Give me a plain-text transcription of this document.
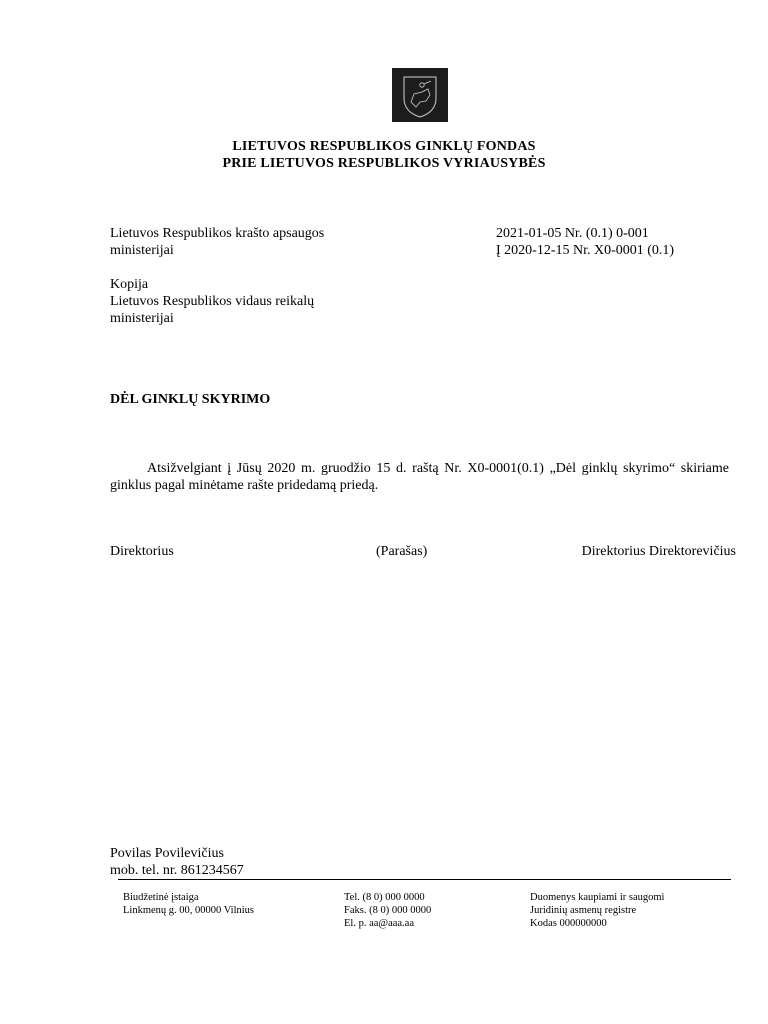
LIETUVOS RESPUBLIKOS GINKLŲ FONDAS
PRIE LIETUVOS RESPUBLIKOS VYRIAUSYBĖS
Lietuvos Respublikos krašto apsaugos
ministerijai
2021-01-05 Nr. (0.1) 0-001
Į 2020-12-15 Nr. X0-0001 (0.1)
Kopija
Lietuvos Respublikos vidaus reikalų
ministerijai
DĖL GINKLŲ SKYRIMO
Atsižvelgiant į Jūsų 2020 m. gruodžio 15 d. raštą Nr. X0-0001(0.1) „Dėl ginklų skyrimo“ skiriame ginklus pagal minėtame rašte pridedamą priedą.
Direktorius	(Parašas)	Direktorius Direktorevičius
Povilas Povilevičius
mob. tel. nr. 861234567
Biudžetinė įstaiga
Linkmenų g. 00, 00000 Vilnius
Tel. (8 0) 000 0000
Faks. (8 0) 000 0000
El. p. aa@aaa.aa
Duomenys kaupiami ir saugomi
Juridinių asmenų registre
Kodas 000000000
